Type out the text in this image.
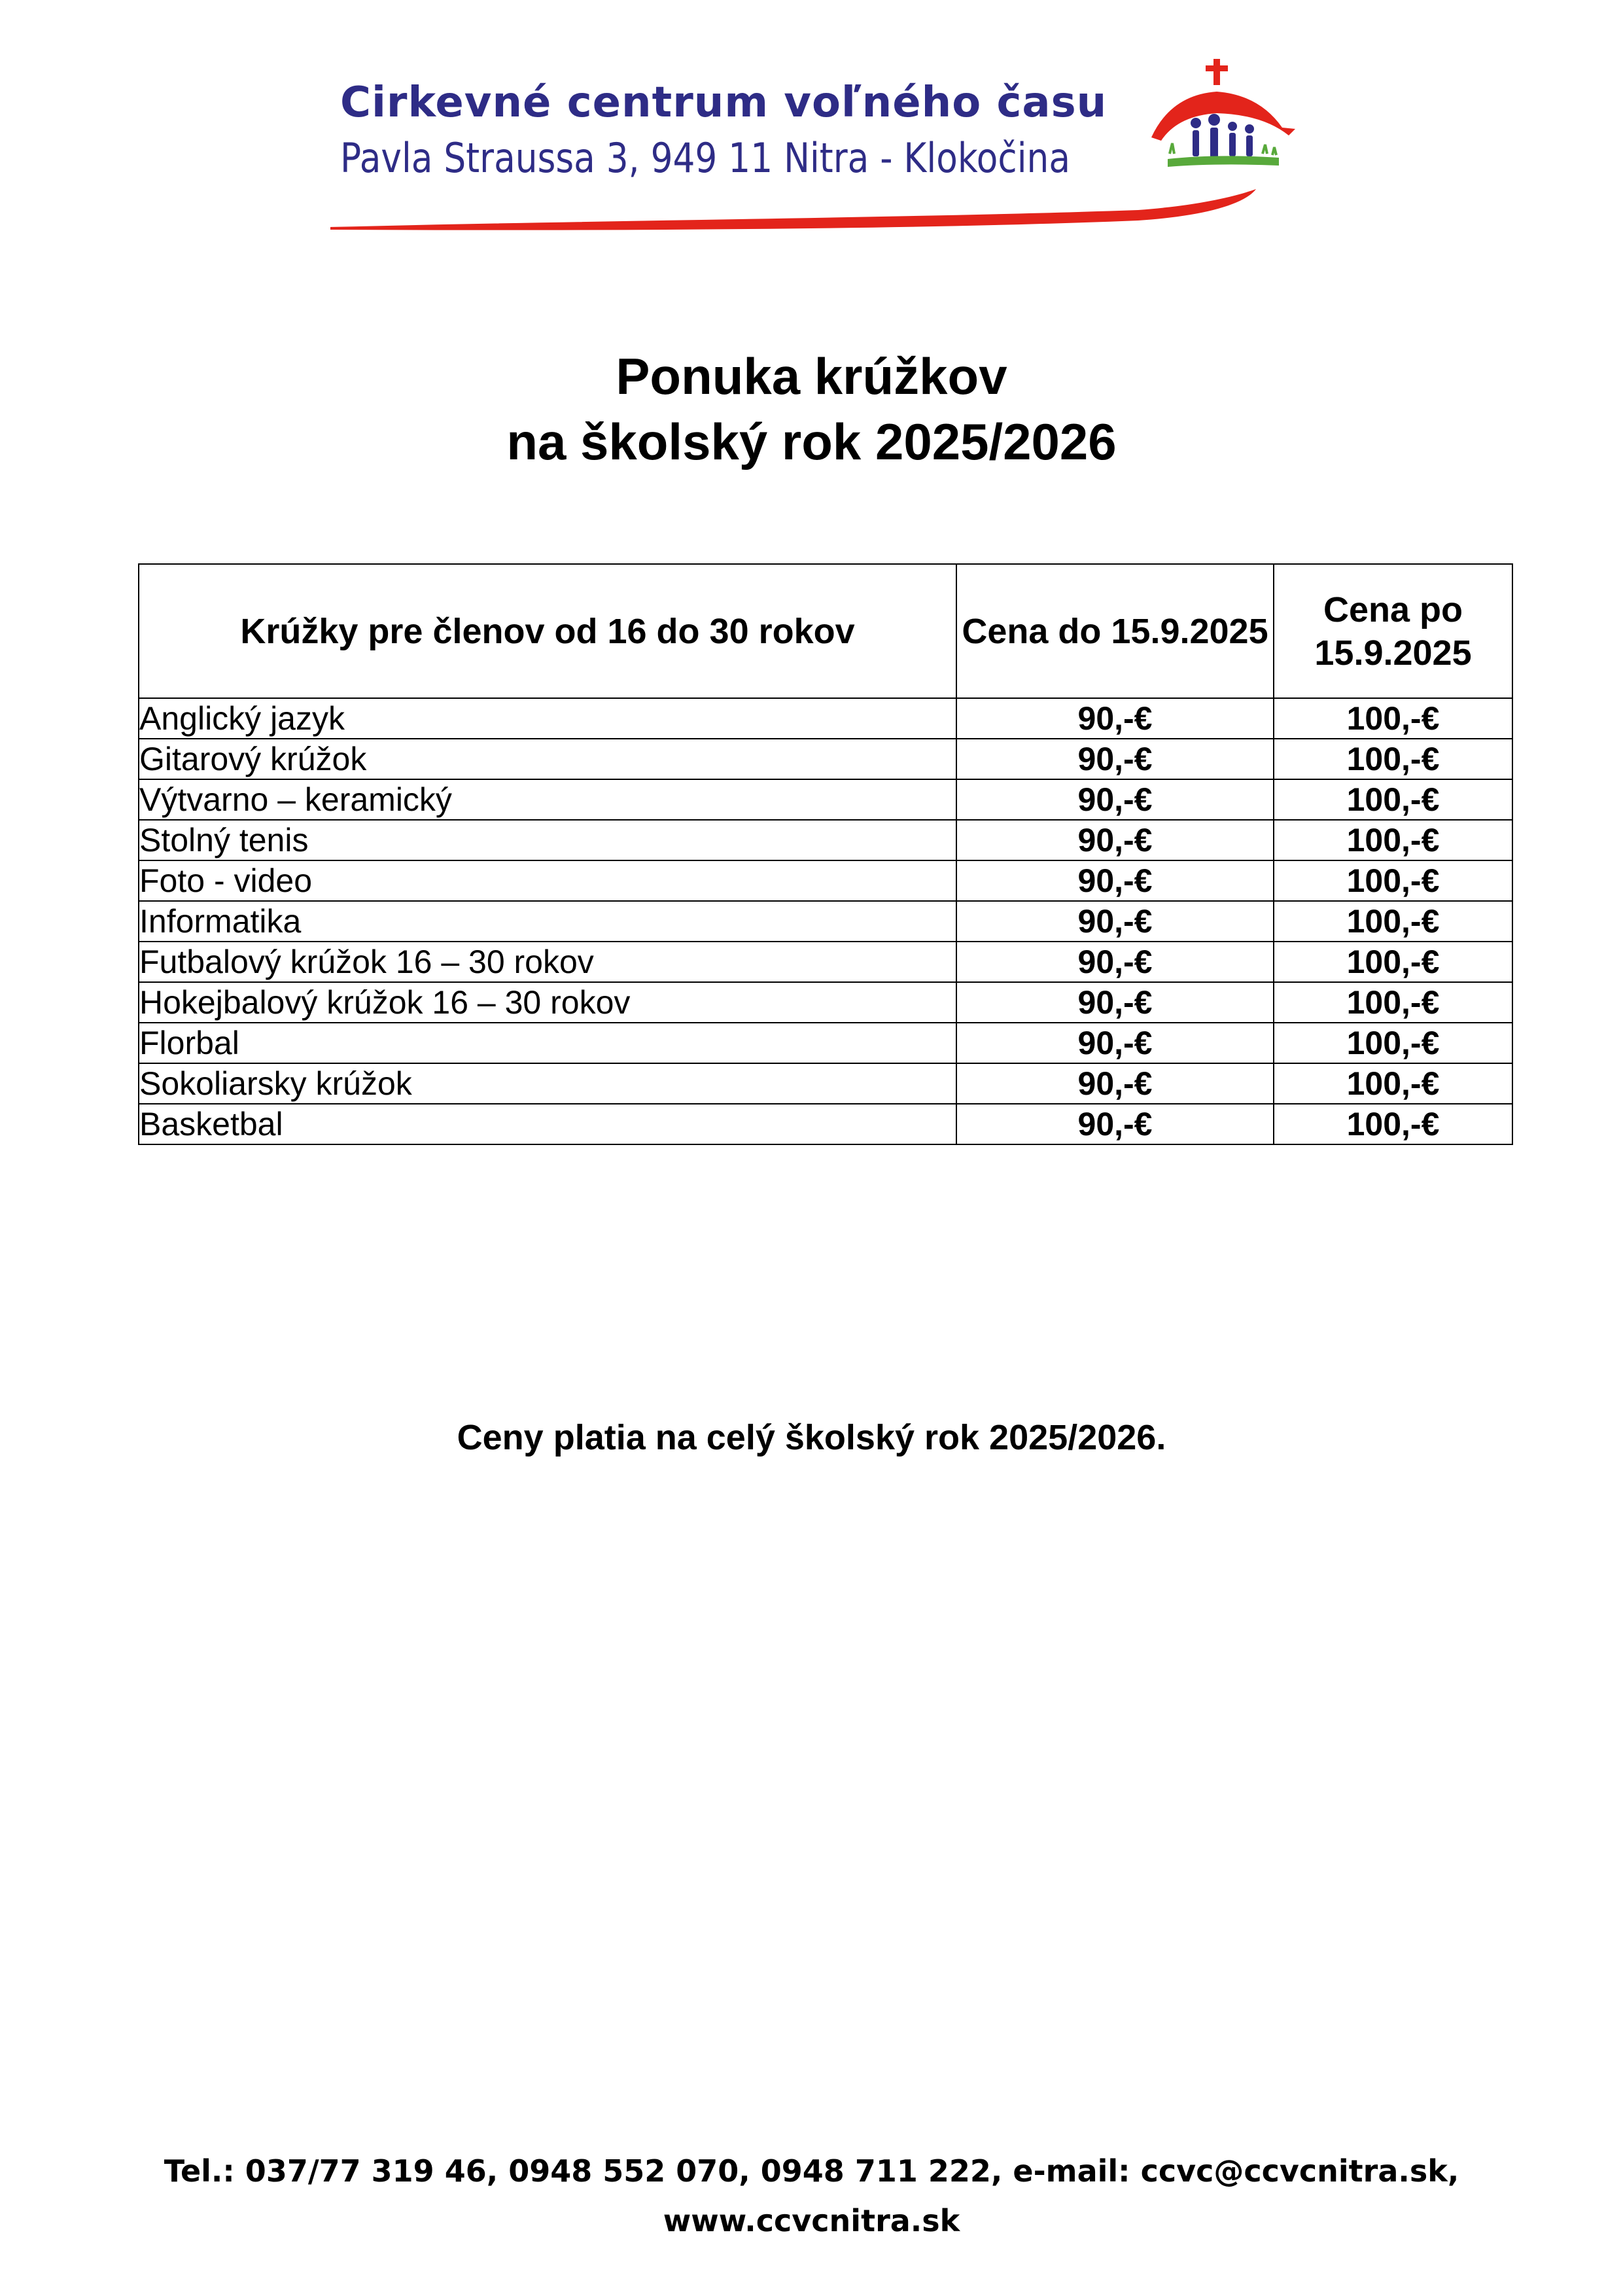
Cirkevné centrum voľného času
Pavla Straussa 3, 949 11 Nitra - Klokočina
Ponuka krúžkov
na školský rok 2025/2026
Krúžky pre členov od 16 do 30 rokov	Cena do 15.9.2025	Cena po 15.9.2025
Anglický jazyk	90,-€	100,-€
Gitarový krúžok	90,-€	100,-€
Výtvarno – keramický	90,-€	100,-€
Stolný tenis	90,-€	100,-€
Foto - video	90,-€	100,-€
Informatika	90,-€	100,-€
Futbalový krúžok 16 – 30 rokov	90,-€	100,-€
Hokejbalový krúžok 16 – 30 rokov	90,-€	100,-€
Florbal	90,-€	100,-€
Sokoliarsky krúžok	90,-€	100,-€
Basketbal	90,-€	100,-€
Ceny platia na celý školský rok 2025/2026.
Tel.: 037/77 319 46, 0948 552 070, 0948 711 222, e-mail: ccvc@ccvcnitra.sk,
www.ccvcnitra.sk
